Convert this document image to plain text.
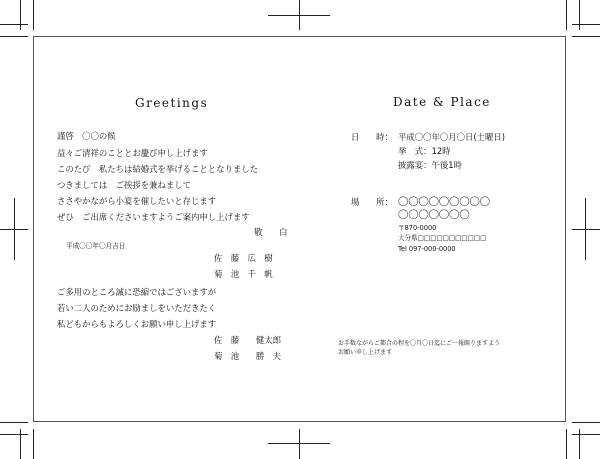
Greetings
謹啓　〇〇の候
益々ご清祥のこととお慶び申し上げます
このたび　私たちは結婚式を挙げることとなりました
つきましては　ご挨拶を兼ねまして
ささやかながら小宴を催したいと存じます
ぜひ　ご出席くださいますようご案内申し上げます
敬　　白
平成〇〇年〇月吉日
佐　藤　広　樹
菊　池　千　帆
ご多用のところ誠に恐縮ではございますが
若い二人のためにお励ましをいただきたく
私どもからもよろしくお願い申し上げます
佐　藤　　健太郎
菊　池　　勝　夫
Date & Place
日　　時： 平成〇〇年〇月〇日(土曜日)
挙　式：12時
披露宴：午後1時
場　　所： 〇〇〇〇〇〇〇〇〇
〇〇〇〇〇〇〇
〒870-0000
大分県□□□□□□□□□□□
Tel 097-000-0000
お手数ながらご都合の程を〇月〇日迄にご一報賜りますよう
お願い申し上げます
